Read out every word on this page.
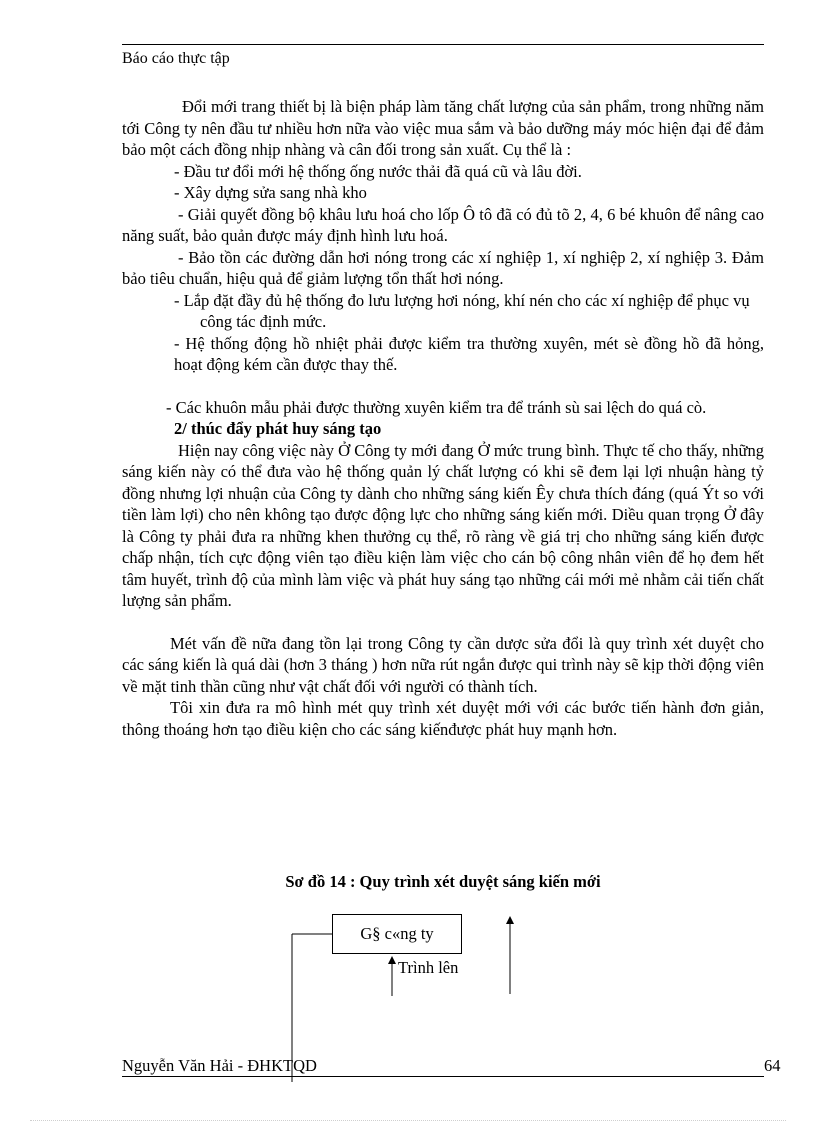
Báo cáo thực tập

Đổi mới trang thiết bị là biện pháp làm tăng chất lượng của sản phẩm, trong những năm tới Công ty nên đầu tư nhiều hơn nữa vào việc mua sắm và bảo dưỡng máy móc hiện đại để đảm bảo một cách đồng nhịp nhàng và cân đối trong sản xuất. Cụ thể là :

- Đầu tư đổi mới hệ thống ống nước thải đã quá cũ và lâu đời.

- Xây dựng sửa sang nhà kho

- Giải quyết đồng bộ khâu lưu hoá cho lốp Ô tô đã có đủ tõ 2, 4, 6 bé khuôn để nâng cao năng suất, bảo quản được máy định hình lưu hoá.

- Bảo tồn các đường dẫn hơi nóng trong các xí nghiệp 1, xí nghiệp 2, xí nghiệp 3. Đảm bảo tiêu chuẩn, hiệu quả để giảm lượng tổn thất hơi nóng.

- Lắp đặt đầy đủ hệ thống đo lưu lượng hơi nóng, khí nén cho các xí nghiệp để phục vụ công tác định mức.

- Hệ thống động hồ nhiệt phải được kiểm tra thường xuyên, mét sè đồng hồ đã hỏng, hoạt động kém cần được thay thế.

- Các khuôn mẫu phải được thường xuyên kiểm tra để tránh sù sai lệch do quá cò.

2/ thúc đẩy phát huy sáng tạo

Hiện nay công việc này Ở Công ty mới đang Ở mức trung bình. Thực tế cho thấy, những sáng kiến này có thể đưa vào hệ thống quản lý chất lượng có khi sẽ đem lại lợi nhuận hàng tỷ đồng nhưng lợi nhuận của Công ty dành cho những sáng kiến Êy chưa thích đáng (quá Ýt so với tiền làm lợi) cho nên không tạo được động lực cho những sáng kiến mới. Diều quan trọng Ở đây là Công ty phải đưa ra những khen thưởng cụ thể, rõ ràng về giá trị cho những sáng kiến được chấp nhận, tích cực động viên tạo điều kiện làm việc cho cán bộ công nhân viên để họ đem hết tâm huyết, trình độ của mình làm việc và phát huy sáng tạo những cái mới mẻ nhằm cải tiến chất lượng sản phẩm.

Mét vấn đề nữa đang tồn lại trong Công ty cần dược sửa đổi là quy trình xét duyệt cho các sáng kiến là quá dài (hơn 3 tháng ) hơn nữa rút ngắn được qui trình này sẽ kịp thời động viên về mặt tinh thần cũng như vật chất đối với người có thành tích.

Tôi xin đưa ra mô hình mét quy trình xét duyệt mới với các bước tiến hành đơn giản, thông thoáng hơn tạo điều kiện cho các sáng kiếnđược phát huy mạnh hơn.

Sơ đồ 14 : Quy trình xét duyệt sáng kiến mới
G§ c«ng ty
Trình lên
Nguyễn Văn Hải - ĐHKTQD	64
